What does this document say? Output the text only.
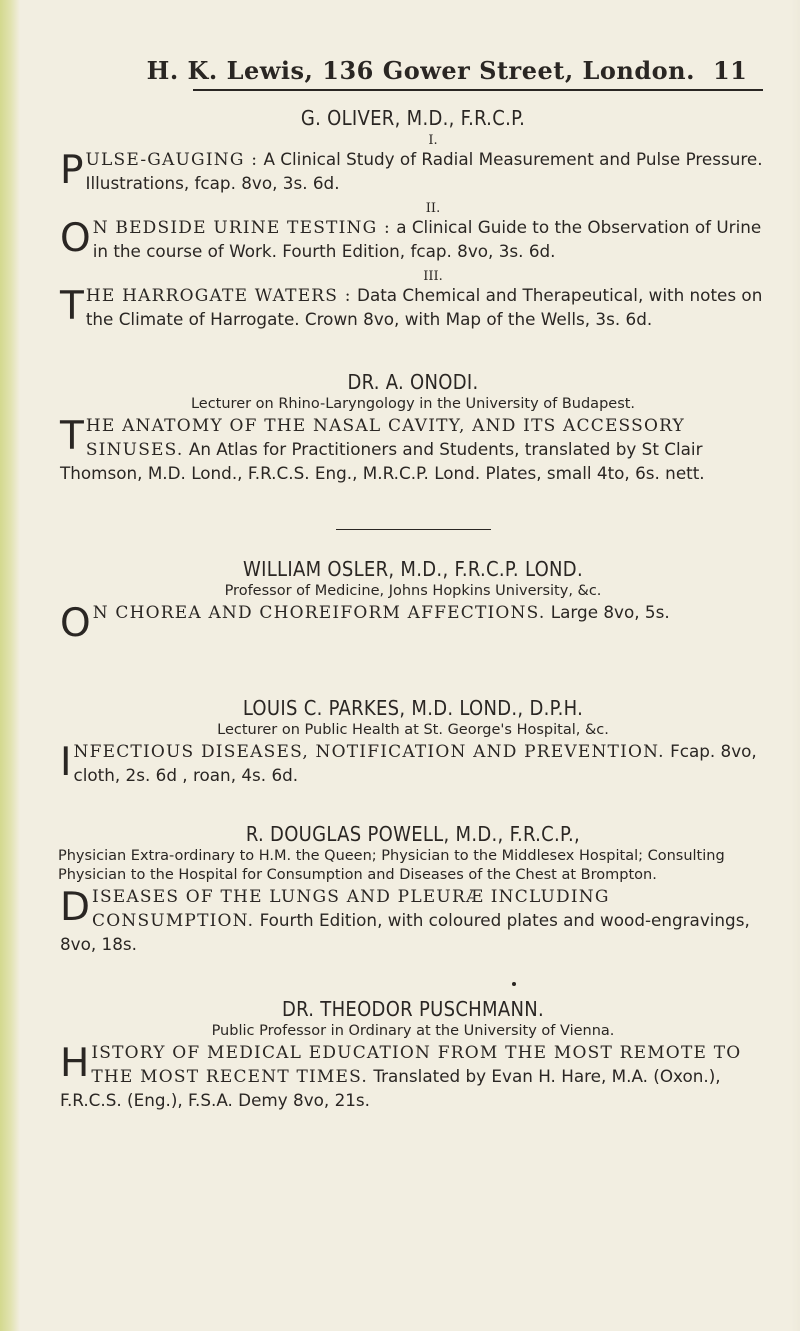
H. K. Lewis, 136 Gower Street, London. 11

G. OLIVER, M.D., F.R.C.P.

I.

PULSE-GAUGING : A Clinical Study of Radial Measurement and Pulse Pressure. Illustrations, fcap. 8vo, 3s. 6d.

II.

O N BEDSIDE URINE TESTING : a Clinical Guide to the Observation of Urine in the course of Work. Fourth Edition, fcap. 8vo, 3s. 6d.

III.

THE HARROGATE WATERS : Data Chemical and Therapeutical, with notes on the Climate of Harrogate. Crown 8vo, with Map of the Wells, 3s. 6d.

DR. A. ONODI.

Lecturer on Rhino-Laryngology in the University of Budapest.

THE ANATOMY OF THE NASAL CAVITY, AND ITS ACCESSORY SINUSES. An Atlas for Practitioners and Students, translated by St Clair Thomson, M.D. Lond., F.R.C.S. Eng., M.R.C.P. Lond. Plates, small 4to, 6s. nett.

WILLIAM OSLER, M.D., F.R.C.P. LOND.

Professor of Medicine, Johns Hopkins University, &c.

O N CHOREA AND CHOREIFORM AFFECTIONS. Large 8vo, 5s.

LOUIS C. PARKES, M.D. LOND., D.P.H.

Lecturer on Public Health at St. George's Hospital, &c.

INFECTIOUS DISEASES, NOTIFICATION AND PREVENTION. Fcap. 8vo, cloth, 2s. 6d , roan, 4s. 6d.

R. DOUGLAS POWELL, M.D., F.R.C.P.,

Physician Extra-ordinary to H.M. the Queen; Physician to the Middlesex Hospital; Consulting Physician to the Hospital for Consumption and Diseases of the Chest at Brompton.

DISEASES OF THE LUNGS AND PLEURÆ INCLUDING CONSUMPTION. Fourth Edition, with coloured plates and wood-engravings, 8vo, 18s.

DR. THEODOR PUSCHMANN.

Public Professor in Ordinary at the University of Vienna.

HISTORY OF MEDICAL EDUCATION FROM THE MOST REMOTE TO THE MOST RECENT TIMES. Translated by Evan H. Hare, M.A. (Oxon.), F.R.C.S. (Eng.), F.S.A. Demy 8vo, 21s.
